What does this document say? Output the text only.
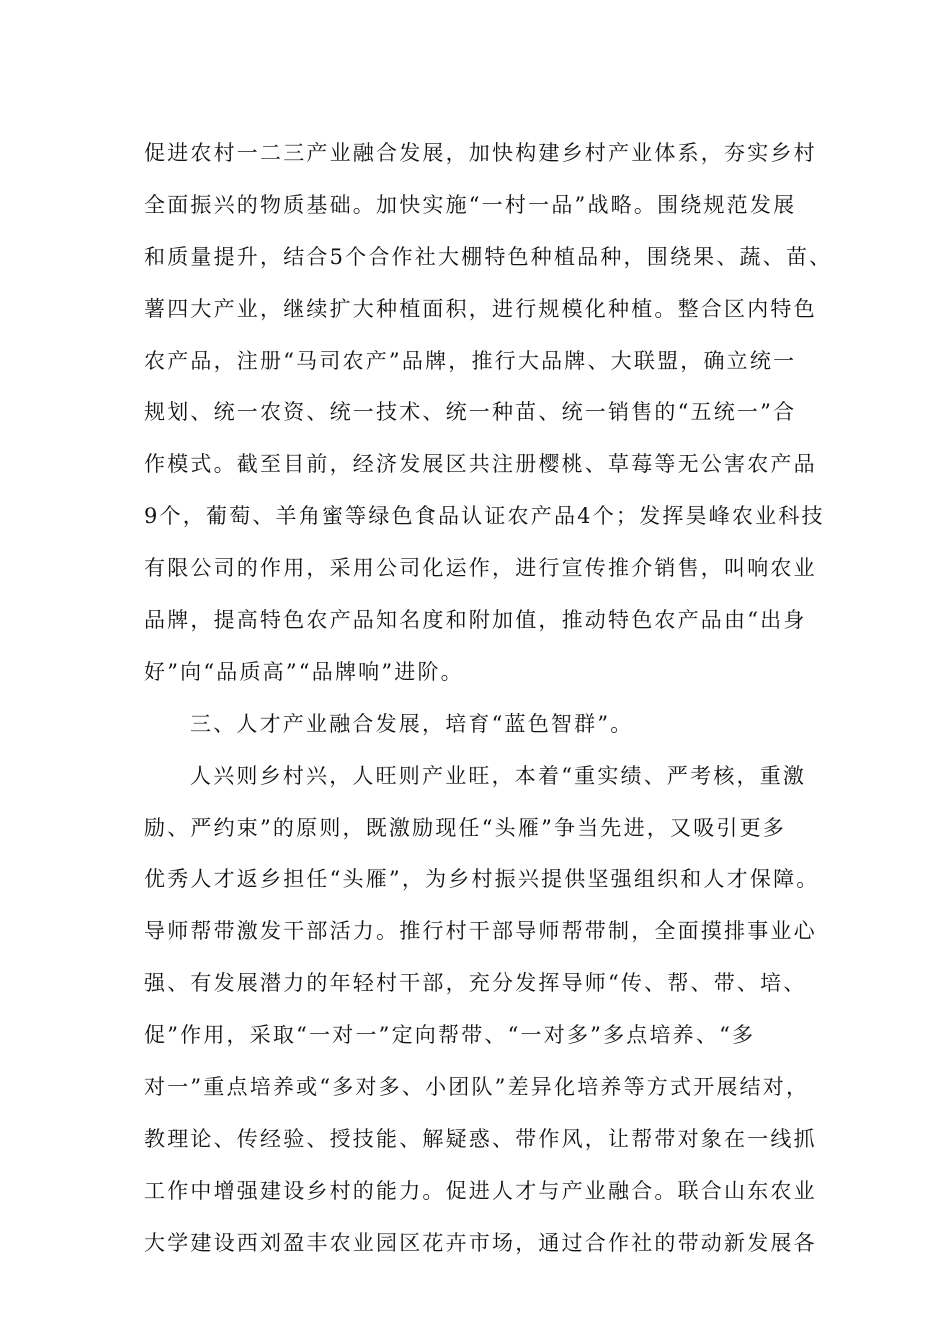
促进农村一二三产业融合发展，加快构建乡村产业体系，夯实乡村
全面振兴的物质基础。加快实施“一村一品”战略。围绕规范发展
和质量提升，结合5个合作社大棚特色种植品种，围绕果、蔬、苗、
薯四大产业，继续扩大种植面积，进行规模化种植。整合区内特色
农产品，注册“马司农产”品牌，推行大品牌、大联盟，确立统一
规划、统一农资、统一技术、统一种苗、统一销售的“五统一”合
作模式。截至目前，经济发展区共注册樱桃、草莓等无公害农产品
9个，葡萄、羊角蜜等绿色食品认证农产品4个；发挥昊峰农业科技
有限公司的作用，采用公司化运作，进行宣传推介销售，叫响农业
品牌，提高特色农产品知名度和附加值，推动特色农产品由“出身
好”向“品质高”“品牌响”进阶。
三、人才产业融合发展，培育“蓝色智群”。
人兴则乡村兴，人旺则产业旺，本着“重实绩、严考核，重激
励、严约束”的原则，既激励现任“头雁”争当先进，又吸引更多
优秀人才返乡担任“头雁”，为乡村振兴提供坚强组织和人才保障。
导师帮带激发干部活力。推行村干部导师帮带制，全面摸排事业心
强、有发展潜力的年轻村干部，充分发挥导师“传、帮、带、培、
促”作用，采取“一对一”定向帮带、“一对多”多点培养、“多
对一”重点培养或“多对多、小团队”差异化培养等方式开展结对，
教理论、传经验、授技能、解疑惑、带作风，让帮带对象在一线抓
工作中增强建设乡村的能力。促进人才与产业融合。联合山东农业
大学建设西刘盈丰农业园区花卉市场，通过合作社的带动新发展各
